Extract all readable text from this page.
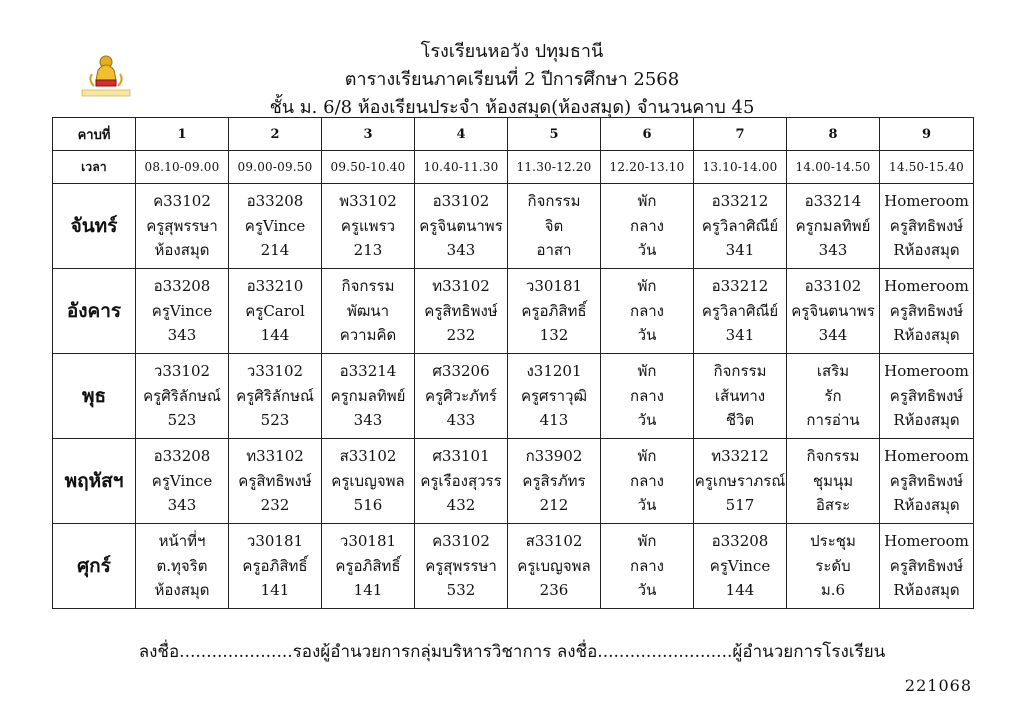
โรงเรียนหอวัง ปทุมธานี
ตารางเรียนภาคเรียนที่ 2 ปีการศึกษา 2568
ชั้น ม. 6/8 ห้องเรียนประจำ ห้องสมุด(ห้องสมุด) จำนวนคาบ 45
คาบที่	1	2	3	4	5	6	7	8	9
เวลา	08.10-09.00	09.00-09.50	09.50-10.40	10.40-11.30	11.30-12.20	12.20-13.10	13.10-14.00	14.00-14.50	14.50-15.40
จันทร์	ค33102
ครูสุพรรษา
ห้องสมุด	อ33208
ครูVince
214	พ33102
ครูแพรว
213	อ33102
ครูจินตนาพร
343	กิจกรรม
จิต
อาสา	พัก
กลาง
วัน	อ33212
ครูวิลาศิณีย์
341	อ33214
ครูกมลทิพย์
343	Homeroom
ครูสิทธิพงษ์
Rห้องสมุด

อังคาร	อ33208
ครูVince
343	อ33210
ครูCarol
144	กิจกรรม
พัฒนา
ความคิด	ท33102
ครูสิทธิพงษ์
232	ว30181
ครูอภิสิทธิ์
132	พัก
กลาง
วัน	อ33212
ครูวิลาศิณีย์
341	อ33102
ครูจินตนาพร
344	Homeroom
ครูสิทธิพงษ์
Rห้องสมุด

พุธ	ว33102
ครูศิริลักษณ์
523	ว33102
ครูศิริลักษณ์
523	อ33214
ครูกมลทิพย์
343	ศ33206
ครูศิวะภัทร์
433	ง31201
ครูศราวุฒิ
413	พัก
กลาง
วัน	กิจกรรม
เส้นทาง
ชีวิต	เสริม
รัก
การอ่าน	Homeroom
ครูสิทธิพงษ์
Rห้องสมุด

พฤหัสฯ	อ33208
ครูVince
343	ท33102
ครูสิทธิพงษ์
232	ส33102
ครูเบญจพล
516	ศ33101
ครูเรืองสุวรร
432	ก33902
ครูสิรภัทร
212	พัก
กลาง
วัน	ท33212
ครูเกษราภรณ์
517	กิจกรรม
ชุมนุม
อิสระ	Homeroom
ครูสิทธิพงษ์
Rห้องสมุด

ศุกร์	หน้าที่ฯ
ต.ทุจริต
ห้องสมุด	ว30181
ครูอภิสิทธิ์
141	ว30181
ครูอภิสิทธิ์
141	ค33102
ครูสุพรรษา
532	ส33102
ครูเบญจพล
236	พัก
กลาง
วัน	อ33208
ครูVince
144	ประชุม
ระดับ
ม.6	Homeroom
ครูสิทธิพงษ์
Rห้องสมุด
ลงชื่อ.....................รองผู้อำนวยการกลุ่มบริหารวิชาการ ลงชื่อ.........................ผู้อำนวยการโรงเรียน
221068
